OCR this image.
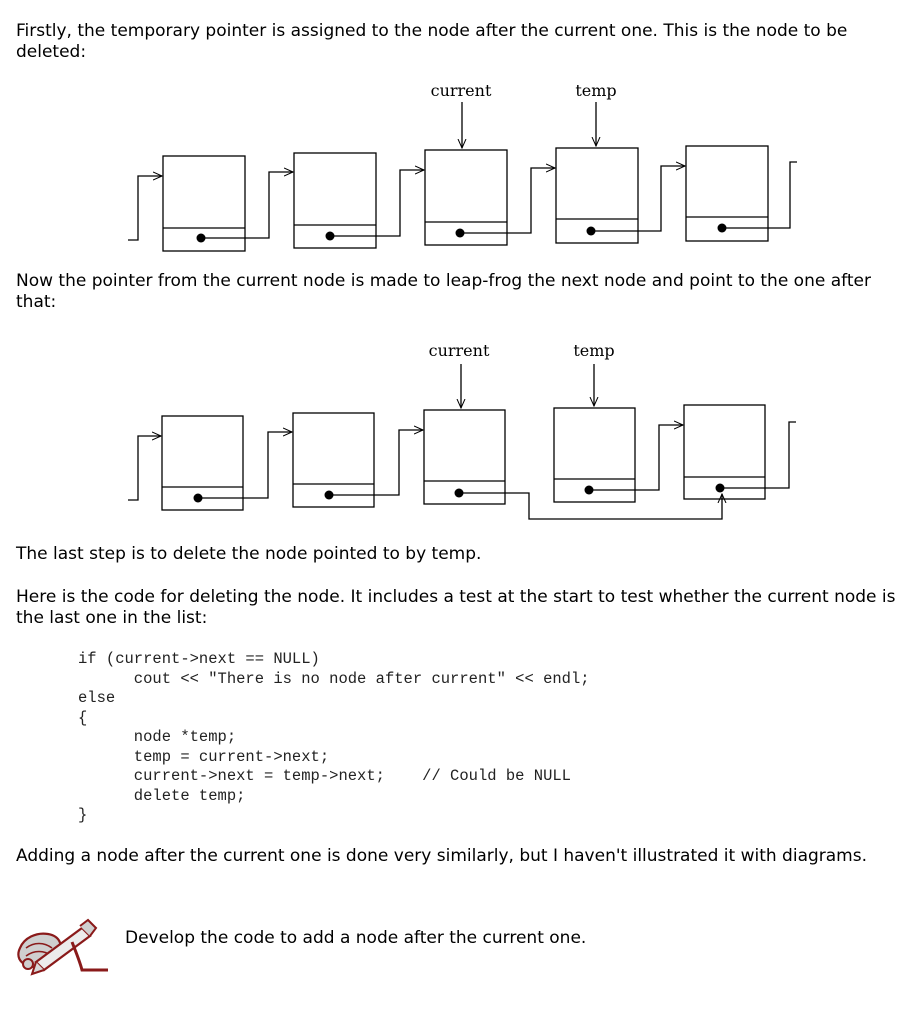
Firstly, the temporary pointer is assigned to the node after the current one. This is the node to be deleted:

current	temp

Now the pointer from the current node is made to leap-frog the next node and point to the one after that:

current	temp

The last step is to delete the node pointed to by temp.

Here is the code for deleting the node. It includes a test at the start to test whether the current node is the last one in the list:

if (current->next == NULL)
cout << "There is no node after current" << endl;
else
{
node *temp;
temp = current->next;
current->next = temp->next;    // Could be NULL
delete temp;
}

Adding a node after the current one is done very similarly, but I haven't illustrated it with diagrams.

Develop the code to add a node after the current one.
